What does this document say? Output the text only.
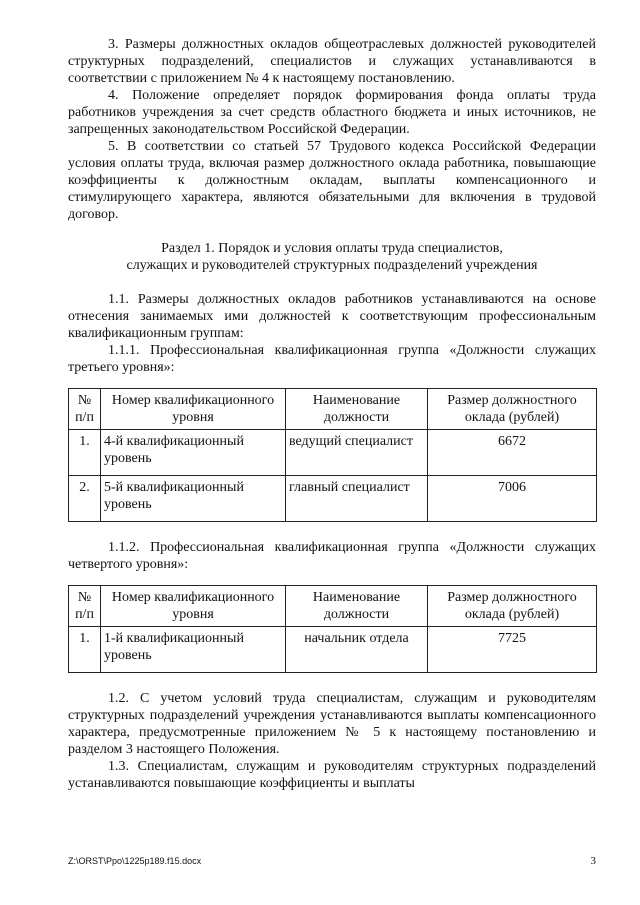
3. Размеры должностных окладов общеотраслевых должностей руководителей структурных подразделений, специалистов и служащих устанавливаются в соответствии с приложением № 4 к настоящему постановлению.

4. Положение определяет порядок формирования фонда оплаты труда работников учреждения за счет средств областного бюджета и иных источников, не запрещенных законодательством Российской Федерации.

5. В соответствии со статьей 57 Трудового кодекса Российской Федерации условия оплаты труда, включая размер должностного оклада работника, повышающие коэффициенты к должностным окладам, выплаты компенсационного и стимулирующего характера, являются обязательными для включения в трудовой договор.

Раздел 1. Порядок и условия оплаты труда специалистов,

служащих и руководителей структурных подразделений учреждения

1.1. Размеры должностных окладов работников устанавливаются на основе отнесения занимаемых ими должностей к соответствующим профессиональным квалификационным группам:

1.1.1. Профессиональная квалификационная группа «Должности служащих третьего уровня»:

№ п/п	Номер квалификационного уровня	Наименование должности	Размер должностного оклада (рублей)
1.	4-й квалификационный уровень	ведущий специалист	6672
2.	5-й квалификационный уровень	главный специалист	7006

1.1.2. Профессиональная квалификационная группа «Должности служащих четвертого уровня»:

№ п/п	Номер квалификационного уровня	Наименование должности	Размер должностного оклада (рублей)
1.	1-й квалификационный уровень	начальник отдела	7725

1.2. С учетом условий труда специалистам, служащим и руководителям структурных подразделений учреждения устанавливаются выплаты компенсационного характера, предусмотренные приложением № 5 к настоящему постановлению и разделом 3 настоящего Положения.

1.3. Специалистам, служащим и руководителям структурных подразделений устанавливаются повышающие коэффициенты и выплаты

Z:\ORST\Ppo\1225p189.f15.docx	3
